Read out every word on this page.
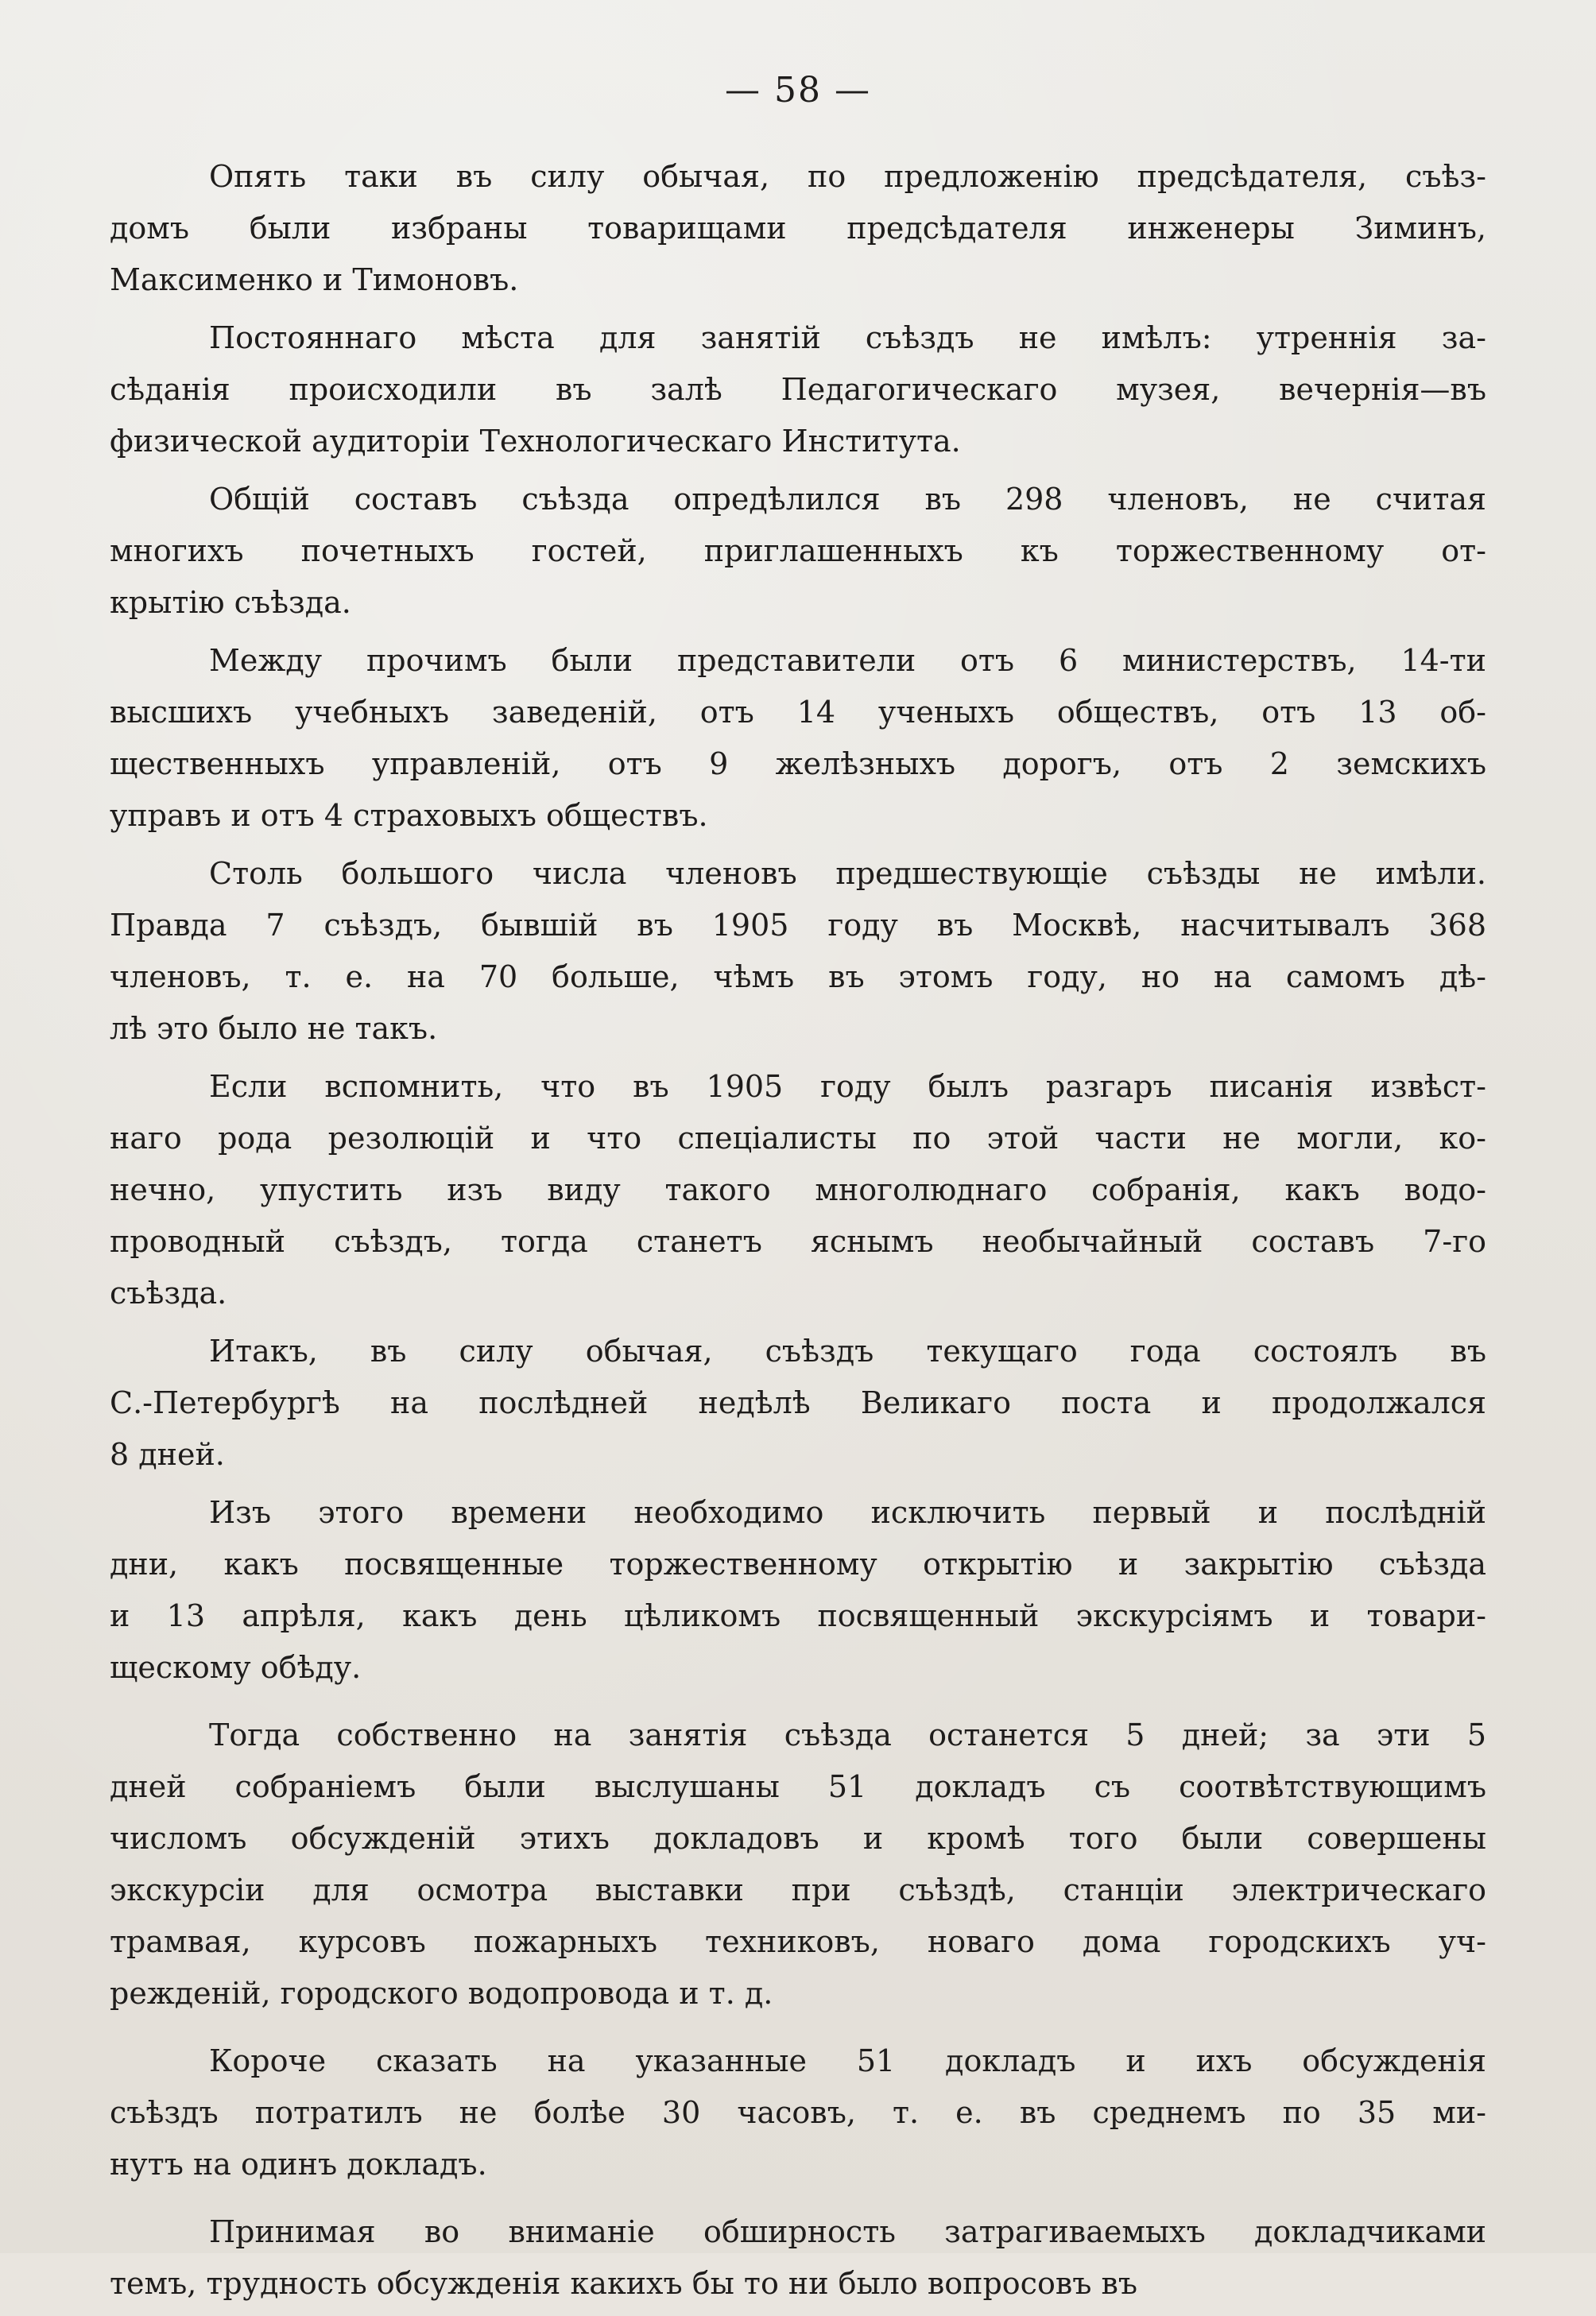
— 58 —
Опять таки въ силу обычая, по предложенію предсѣдателя, съѣз-
домъ были избраны товарищами предсѣдателя инженеры Зиминъ,
Максименко и Тимоновъ.
Постояннаго мѣста для занятій съѣздъ не имѣлъ: утреннія за-
сѣданія происходили въ залѣ Педагогическаго музея, вечернія—въ
физической аудиторіи Технологическаго Института.
Общій составъ съѣзда опредѣлился въ 298 членовъ, не считая
многихъ почетныхъ гостей, приглашенныхъ къ торжественному от-
крытію съѣзда.
Между прочимъ были представители отъ 6 министерствъ, 14-ти
высшихъ учебныхъ заведеній, отъ 14 ученыхъ обществъ, отъ 13 об-
щественныхъ управленій, отъ 9 желѣзныхъ дорогъ, отъ 2 земскихъ
управъ и отъ 4 страховыхъ обществъ.
Столь большого числа членовъ предшествующіе съѣзды не имѣли.
Правда 7 съѣздъ, бывшій въ 1905 году въ Москвѣ, насчитывалъ 368
членовъ, т. е. на 70 больше, чѣмъ въ этомъ году, но на самомъ дѣ-
лѣ это было не такъ.
Если вспомнить, что въ 1905 году былъ разгаръ писанія извѣст-
наго рода резолюцій и что спеціалисты по этой части не могли, ко-
нечно, упустить изъ виду такого многолюднаго собранія, какъ водо-
проводный съѣздъ, тогда станетъ яснымъ необычайный составъ 7-го
съѣзда.
Итакъ, въ силу обычая, съѣздъ текущаго года состоялъ въ
С.-Петербургѣ на послѣдней недѣлѣ Великаго поста и продолжался
8 дней.
Изъ этого времени необходимо исключить первый и послѣдній
дни, какъ посвященные торжественному открытію и закрытію съѣзда
и 13 апрѣля, какъ день цѣликомъ посвященный экскурсіямъ и товари-
щескому обѣду.
Тогда собственно на занятія съѣзда останется 5 дней; за эти 5
дней собраніемъ были выслушаны 51 докладъ съ соотвѣтствующимъ
числомъ обсужденій этихъ докладовъ и кромѣ того были совершены
экскурсіи для осмотра выставки при съѣздѣ, станціи электрическаго
трамвая, курсовъ пожарныхъ техниковъ, новаго дома городскихъ уч-
режденій, городского водопровода и т. д.
Короче сказать на указанные 51 докладъ и ихъ обсужденія
съѣздъ потратилъ не болѣе 30 часовъ, т. е. въ среднемъ по 35 ми-
нутъ на одинъ докладъ.
Принимая во вниманіе обширность затрагиваемыхъ докладчиками
темъ, трудность обсужденія какихъ бы то ни было вопросовъ въ
